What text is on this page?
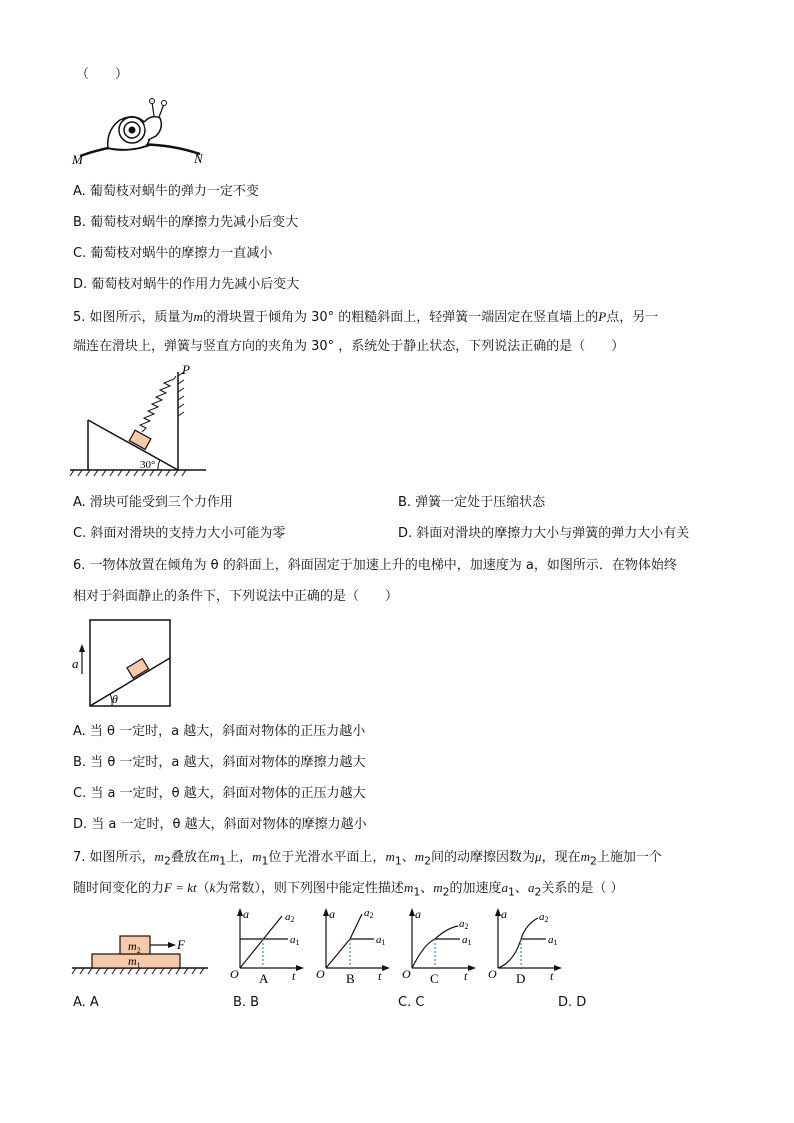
（　　）
M	N
A. 葡萄枝对蜗牛的弹力一定不变
B. 葡萄枝对蜗牛的摩擦力先减小后变大
C. 葡萄枝对蜗牛的摩擦力一直减小
D. 葡萄枝对蜗牛的作用力先减小后变大
5. 如图所示，质量为m的滑块置于倾角为 30° 的粗糙斜面上，轻弹簧一端固定在竖直墙上的P点，另一
端连在滑块上，弹簧与竖直方向的夹角为 30° ，系统处于静止状态，下列说法正确的是（　　）
P
30°
A. 滑块可能受到三个力作用	B. 弹簧一定处于压缩状态
C. 斜面对滑块的支持力大小可能为零	D. 斜面对滑块的摩擦力大小与弹簧的弹力大小有关
6. 一物体放置在倾角为 θ 的斜面上，斜面固定于加速上升的电梯中，加速度为 a，如图所示．在物体始终
相对于斜面静止的条件下，下列说法中正确的是（　　）
θ
a
A. 当 θ 一定时，a 越大，斜面对物体的正压力越小
B. 当 θ 一定时，a 越大，斜面对物体的摩擦力越大
C. 当 a 一定时，θ 越大，斜面对物体的正压力越大
D. 当 a 一定时，θ 越大，斜面对物体的摩擦力越小
7. 如图所示，$m_2$叠放在$m_1$上，$m_1$位于光滑水平面上，$m_1$、$m_2$间的动摩擦因数为μ，现在$m_2$上施加一个
随时间变化的力F = kt（k为常数），则下列图中能定性描述$m_1$、$m_2$的加速度$a_1$、$a_2$关系的是（ ）
$m_2$
$m_1$
F
a
t
O
a2
a1
A
a
t
O
a2
a1
B
a
t
O
a2
a1
C
a
t
O
a2
a1
D
A. A	B. B	C. C	D. D
